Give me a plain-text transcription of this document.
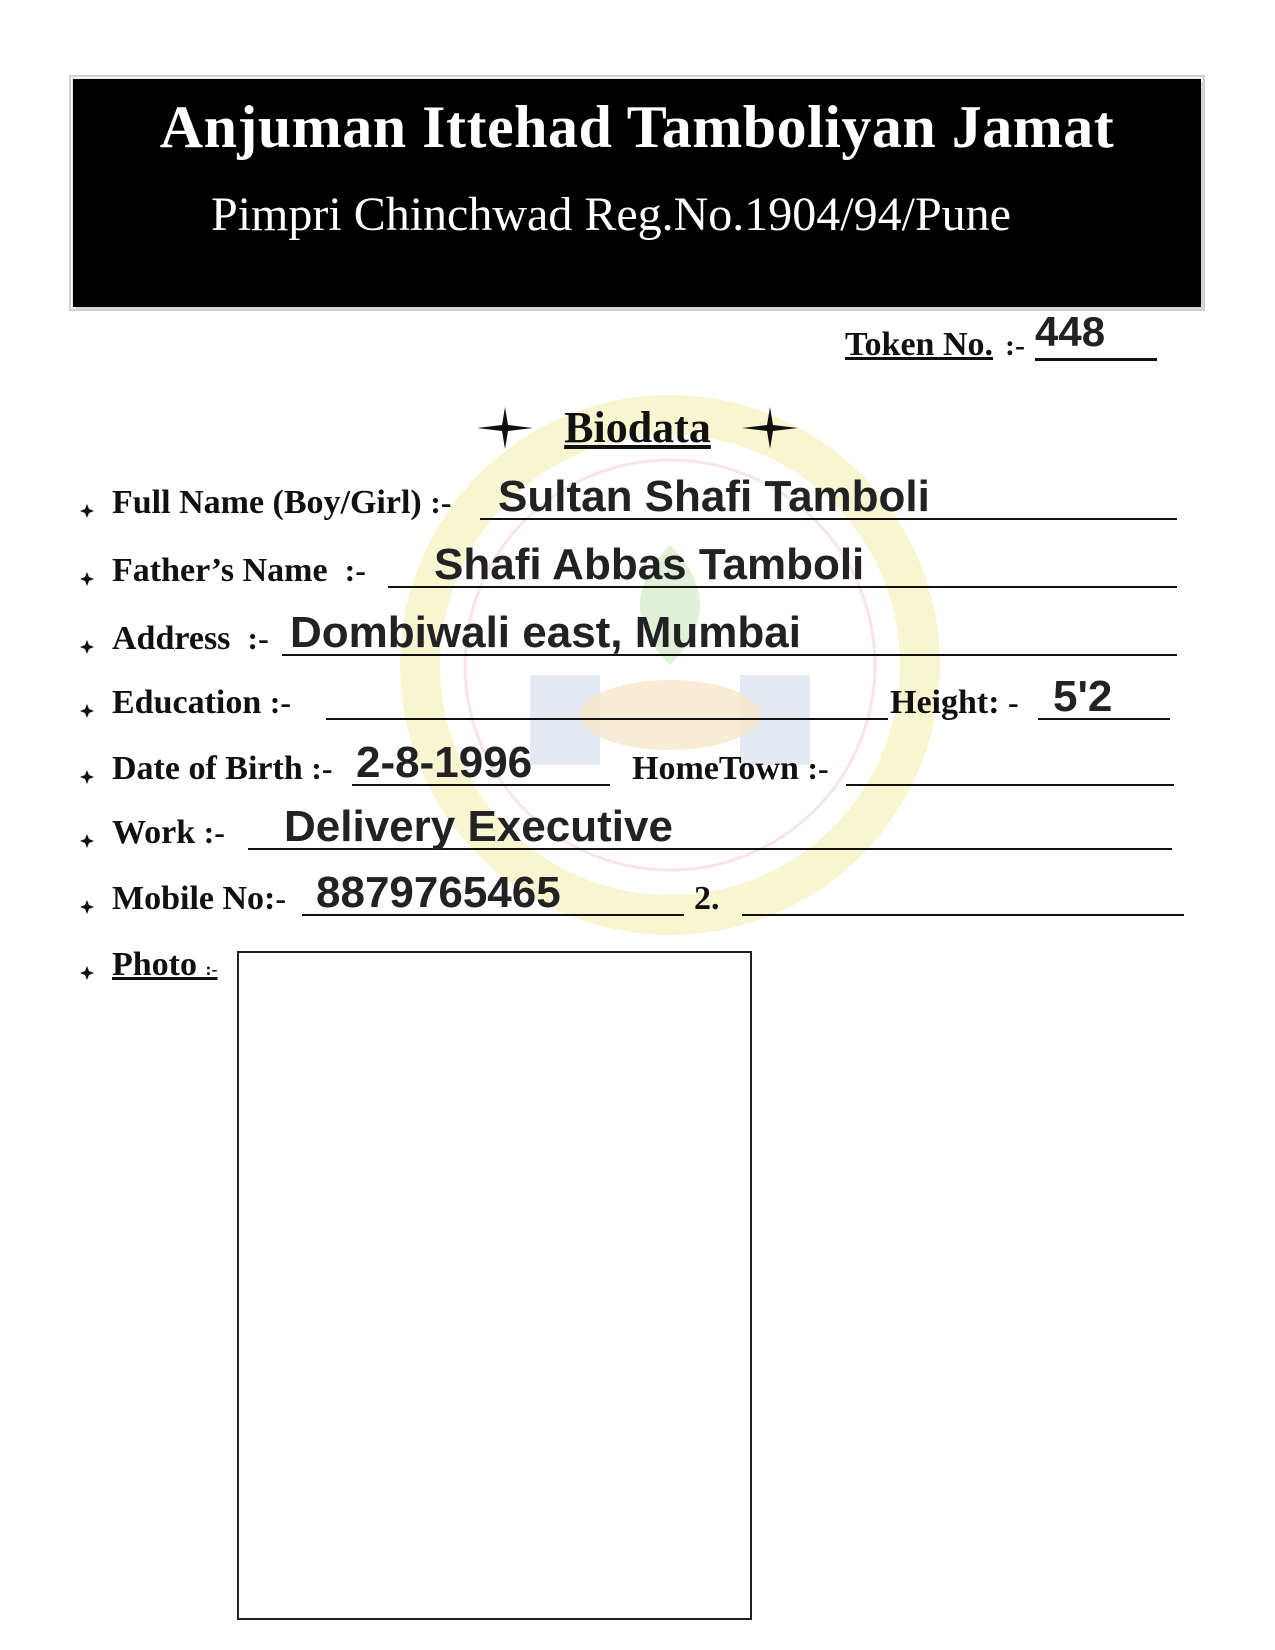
Anjuman Ittehad Tamboliyan Jamat
Pimpri Chinchwad Reg.No.1904/94/Pune
Token No. :- 448
Biodata
Full Name (Boy/Girl) :- Sultan Shafi Tamboli
Father’s Name :- Shafi Abbas Tamboli
Address :- Dombiwali east, Mumbai
Education :-	Height: - 5'2
Date of Birth :- 2-8-1996	HomeTown :-
Work :- Delivery Executive
Mobile No:- 8879765465	2.
Photo :-
